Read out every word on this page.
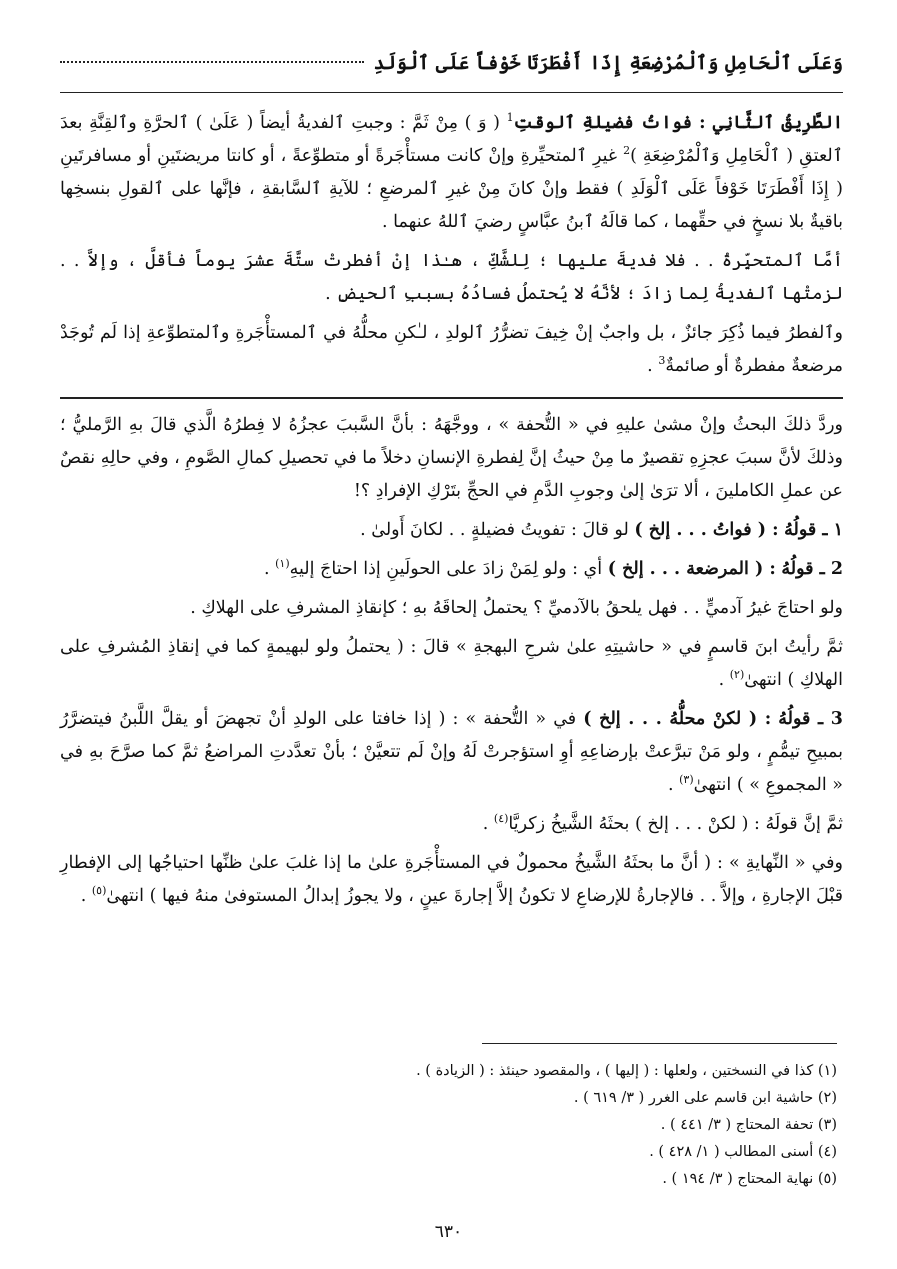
وَعَلَى ٱلْحَامِلِ وَٱلْمُرْضِعَةِ إِذَا أَفْطَرَتَا خَوْفاً عَلَى ٱلْوَلَدِ

الطَّرِيقُ ٱلثَّانِي : فواتُ فضيلةِ ٱلوقتِ$^1$ ( وَ ) مِنْ ثَمَّ : وجبتِ ٱلفديةُ أيضاً ( عَلَىٰ ) ٱلحرَّةِ وٱلقِنَّةِ بعدَ ٱلعتقِ ( ٱلْحَامِلِ وَٱلْمُرْضِعَةِ )$^2$ غيرِ ٱلمتحيِّرةِ وإنْ كانت مستأْجَرةً أو متطوِّعةً ، أو كانتا مريضتَينِ أو مسافرتَينِ ( إِذَا أَفْطَرَتَا خَوْفاً عَلَى ٱلْوَلَدِ ) فقط وإنْ كانَ مِنْ غيرِ ٱلمرضعِ ؛ للآيةِ ٱلسَّابقةِ ، فإنَّها على ٱلقولِ بنسخِها باقيةٌ بلا نسخٍ في حقِّهما ، كما قالَهُ ٱبنُ عبَّاسٍ رضيَ ٱللهُ عنهما .

أمَّا ٱلمتحيِّرةُ . . فلا فديةَ عليها ؛ لِلشَّكِّ ، هـٰذا إنْ أفطرتْ ستَّةَ عشرَ يوماً فأقلَّ ، وإلاَّ . . لزمتْها ٱلفديةُ لِما زادَ ؛ لأنَّهُ لا يُحتملُ فسادُهُ بسببِ ٱلحيضِ .

وٱلفطرُ فيما ذُكِرَ جائزٌ ، بل واجبٌ إنْ خِيفَ تضرُّرُ ٱلولدِ ، لـٰكنِ محلُّهُ في ٱلمستأْجَرةِ وٱلمتطوِّعةِ إذا لَم تُوجَدْ مرضعةٌ مفطرةٌ أو صائمةٌ$^3$ .

وردَّ ذلكَ البحثُ وإنْ مشىٰ عليهِ في « التُّحفة » ، ووجَّهَهُ : بأنَّ السَّببَ عجزُهُ لا فِطرُهُ الَّذي قالَ بهِ الرَّمليُّ ؛ وذلكَ لأنَّ سببَ عجزِهِ تقصيرٌ ما مِنْ حيثُ إنَّ لِفطرةِ الإنسانِ دخلاً ما في تحصيلِ كمالِ الصَّومِ ، وفي حالِهِ نقصٌ عن عملِ الكاملينَ ، ألا ترَىٰ إلىٰ وجوبِ الدَّمِ في الحجِّ بتَرْكِ الإفرادِ ؟!

١ ـ قولُهُ : ( فواتُ . . . إلخ ) لو قالَ : تفويتُ فضيلةٍ . . لكانَ أَولىٰ .

2 ـ قولُهُ : ( المرضعة . . . إلخ ) أي : ولو لِمَنْ زادَ على الحولَينِ إذا احتاجَ إليهِ$^{(١)}$ .

ولو احتاجَ غيرُ آدميٍّ . . فهل يلحقُ بالآدميِّ ؟ يحتملُ إلحاقَهُ بهِ ؛ كإنقاذِ المشرفِ على الهلاكِ .

ثمَّ رأيتُ ابنَ قاسمٍ في « حاشيتِهِ علىٰ شرحِ البهجةِ » قالَ : ( يحتملُ ولو لبهيمةٍ كما في إنقاذِ المُشرفِ على الهلاكِ ) انتهىٰ$^{(٢)}$ .

3 ـ قولُهُ : ( لكنْ محلُّهُ . . . إلخ ) في « التُّحفة » : ( إذا خافتا على الولدِ أنْ تجهضَ أو يقلَّ اللَّبنُ فيتضرَّرُ بمبيحِ تيمُّمٍ ، ولو مَنْ تبرَّعتْ بإرضاعِهِ أوِ استؤجرتْ لَهُ وإنْ لَم تتعيَّنْ ؛ بأنْ تعدَّدتِ المراضعُ ثمَّ كما صرَّحَ بهِ في « المجموعِ » ) انتهىٰ$^{(٣)}$ .

ثمَّ إنَّ قولَهُ : ( لكنْ . . . إلخ ) بحثَهُ الشَّيخُ زكريَّا$^{(٤)}$ .

وفي « النِّهايةِ » : ( أنَّ ما بحثَهُ الشَّيخُ محمولٌ في المستأْجَرةِ علىٰ ما إذا غلبَ علىٰ ظنِّها احتياجُها إلى الإفطارِ قبْلَ الإجارةِ ، وإلاَّ . . فالإجارةُ للإرضاعِ لا تكونُ إلاَّ إجارةَ عينٍ ، ولا يجوزُ إبدالُ المستوفىٰ منهُ فيها ) انتهىٰ$^{(٥)}$ .

(١) كذا في النسختين ، ولعلها : ( إليها ) ، والمقصود حينئذ : ( الزيادة ) .
(٢) حاشية ابن قاسم على الغرر ( ٣/ ٦١٩ ) .
(٣) تحفة المحتاج ( ٣/ ٤٤١ ) .
(٤) أسنى المطالب ( ١/ ٤٢٨ ) .
(٥) نهاية المحتاج ( ٣/ ١٩٤ ) .
٦٣٠
